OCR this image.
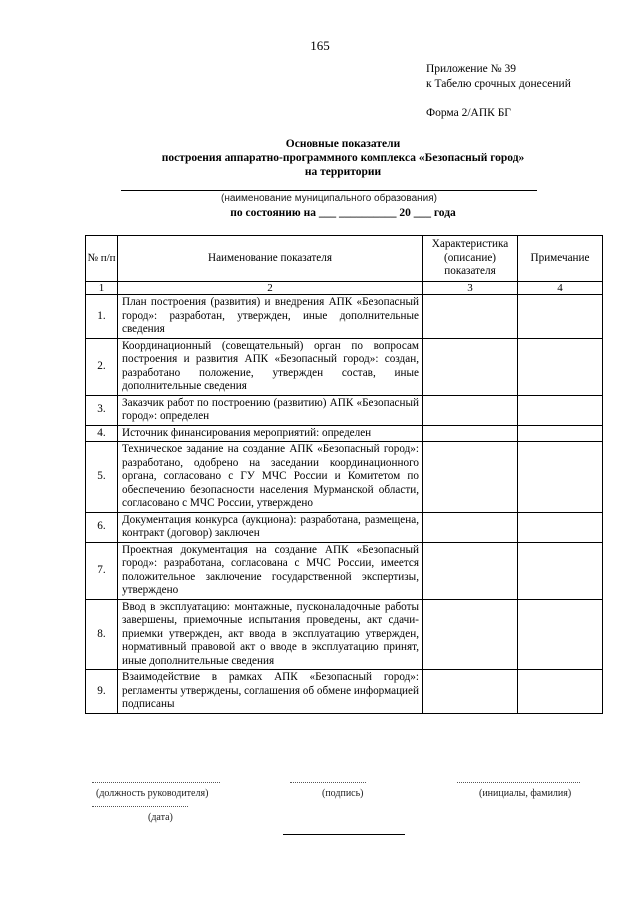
165
Приложение № 39
к Табелю срочных донесений
Форма 2/АПК БГ
Основные показатели
построения аппаратно-программного комплекса «Безопасный город»
на территории
(наименование муниципального образования)
по состоянию на ___ __________ 20 ___ года
№ п/п	Наименование показателя	Характеристика (описание) показателя	Примечание
1	2	3	4
1.	План построения (развития) и внедрения АПК «Безопасный город»: разработан, утвержден, иные дополнительные сведения		
2.	Координационный (совещательный) орган по вопросам построения и развития АПК «Безопасный город»: создан, разработано положение, утвержден состав, иные дополнительные сведения		
3.	Заказчик работ по построению (развитию) АПК «Безопасный город»: определен		
4.	Источник финансирования мероприятий: определен		
5.	Техническое задание на создание АПК «Безопасный город»: разработано, одобрено на заседании координационного органа, согласовано с ГУ МЧС России и Комитетом по обеспечению безопасности населения Мурманской области, согласовано с МЧС России, утверждено		
6.	Документация конкурса (аукциона): разработана, размещена, контракт (договор) заключен		
7.	Проектная документация на создание АПК «Безопасный город»: разработана, согласована с МЧС России, имеется положительное заключение государственной экспертизы, утверждено		
8.	Ввод в эксплуатацию: монтажные, пусконаладочные работы завершены, приемочные испытания проведены, акт сдачи-приемки утвержден, акт ввода в эксплуатацию утвержден, нормативный правовой акт о вводе в эксплуатацию принят, иные дополнительные сведения		
9.	Взаимодействие в рамках АПК «Безопасный город»: регламенты утверждены, соглашения об обмене информацией подписаны		
(должность руководителя)	(подпись)	(инициалы, фамилия)
(дата)
